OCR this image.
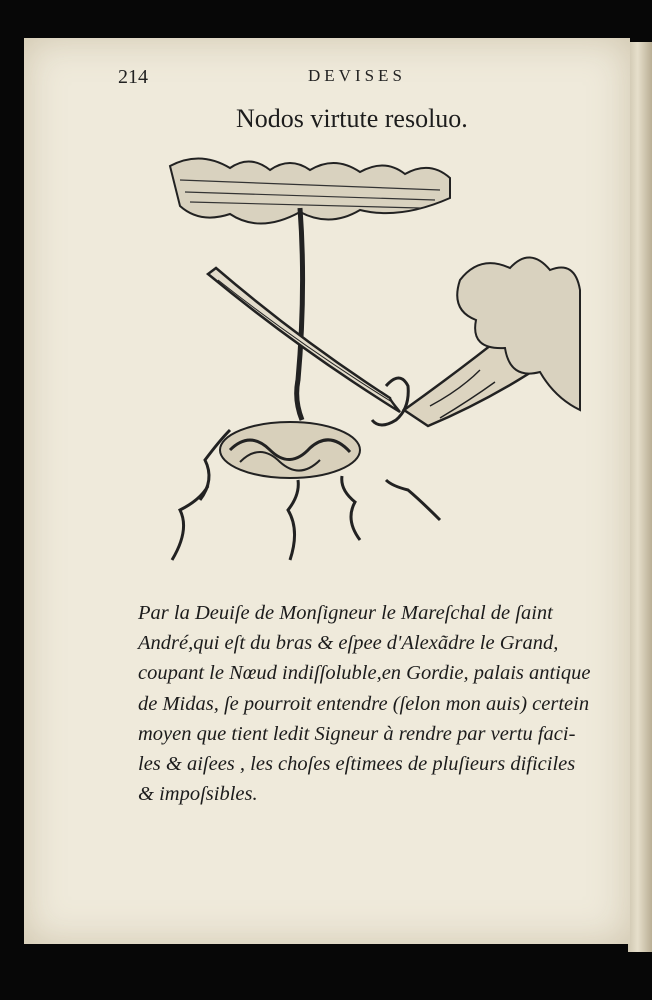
214	DEVISES
Nodos virtute resoluo.
Par la Deuiſe de Monſigneur le Mareſchal de ſaint
André,qui eſt du bras & eſpee d'Alexãdre le Grand,
coupant le Nœud indiſſoluble,en Gordie, palais antique
de Midas, ſe pourroit entendre (ſelon mon auis) certein
moyen que tient ledit Signeur à rendre par vertu faci-
les & aiſees , les choſes eſtimees de pluſieurs dificiles
& impoſsibles.
